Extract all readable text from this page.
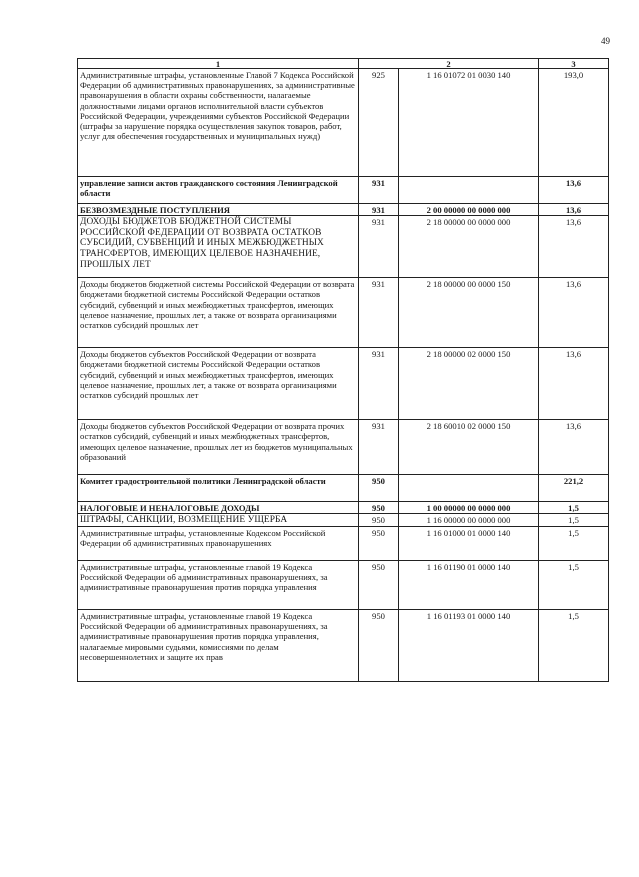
49
1	2		3
Административные штрафы, установленные Главой 7 Кодекса Российской Федерации об административных правонарушениях, за административные правонарушения в области охраны собственности, налагаемые должностными лицами органов исполнительной власти субъектов Российской Федерации, учреждениями субъектов Российской Федерации (штрафы за нарушение порядка осуществления закупок товаров, работ, услуг для обеспечения государственных и муниципальных нужд)	925	1 16 01072 01 0030 140	193,0
управление записи актов гражданского состояния Ленинградской области	931		13,6
БЕЗВОЗМЕЗДНЫЕ ПОСТУПЛЕНИЯ	931	2 00 00000 00 0000 000	13,6
ДОХОДЫ БЮДЖЕТОВ БЮДЖЕТНОЙ СИСТЕМЫ РОССИЙСКОЙ ФЕДЕРАЦИИ ОТ ВОЗВРАТА ОСТАТКОВ СУБСИДИЙ, СУБВЕНЦИЙ И ИНЫХ МЕЖБЮДЖЕТНЫХ ТРАНСФЕРТОВ, ИМЕЮЩИХ ЦЕЛЕВОЕ НАЗНАЧЕНИЕ, ПРОШЛЫХ ЛЕТ	931	2 18 00000 00 0000 000	13,6
Доходы бюджетов бюджетной системы Российской Федерации от возврата бюджетами бюджетной системы Российской Федерации остатков субсидий, субвенций и иных межбюджетных трансфертов, имеющих целевое назначение, прошлых лет, а также от возврата организациями остатков субсидий прошлых лет	931	2 18 00000 00 0000 150	13,6
Доходы бюджетов субъектов Российской Федерации от возврата бюджетами бюджетной системы Российской Федерации остатков субсидий, субвенций и иных межбюджетных трансфертов, имеющих целевое назначение, прошлых лет, а также от возврата организациями остатков субсидий прошлых лет	931	2 18 00000 02 0000 150	13,6
Доходы бюджетов субъектов Российской Федерации от возврата прочих остатков субсидий, субвенций и иных межбюджетных трансфертов, имеющих целевое назначение, прошлых лет из бюджетов муниципальных образований	931	2 18 60010 02 0000 150	13,6
Комитет градостроительной политики Ленинградской области	950		221,2
НАЛОГОВЫЕ И НЕНАЛОГОВЫЕ ДОХОДЫ	950	1 00 00000 00 0000 000	1,5
ШТРАФЫ, САНКЦИИ, ВОЗМЕЩЕНИЕ УЩЕРБА	950	1 16 00000 00 0000 000	1,5
Административные штрафы, установленные Кодексом Российской Федерации об административных правонарушениях	950	1 16 01000 01 0000 140	1,5
Административные штрафы, установленные главой 19 Кодекса Российской Федерации об административных правонарушениях, за административные правонарушения против порядка управления	950	1 16 01190 01 0000 140	1,5
Административные штрафы, установленные главой 19 Кодекса Российской Федерации об административных правонарушениях, за административные правонарушения против порядка управления, налагаемые мировыми судьями, комиссиями по делам несовершеннолетних и защите их прав	950	1 16 01193 01 0000 140	1,5
